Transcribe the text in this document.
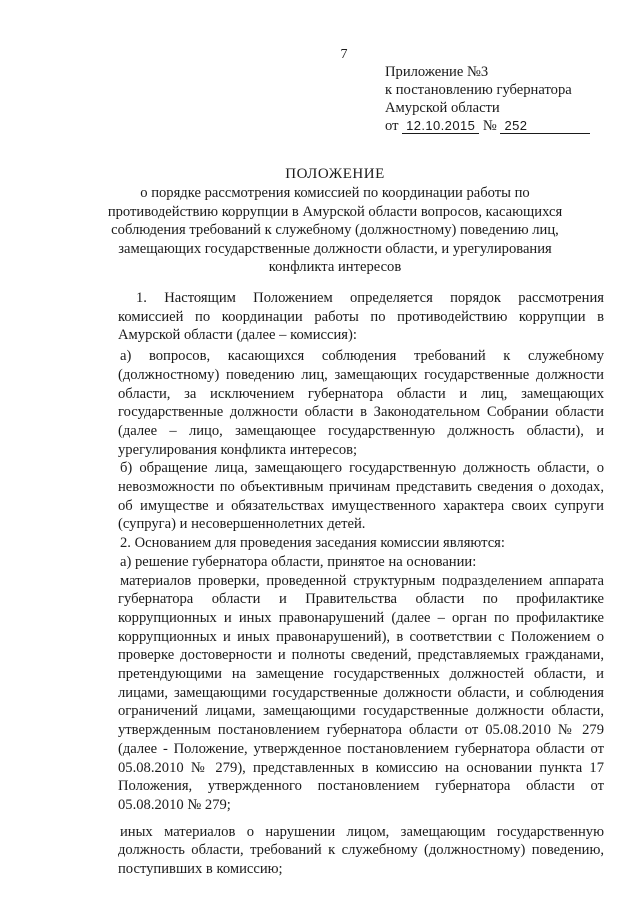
7
Приложение №3
к постановлению губернатора
Амурской области
от 12.10.2015 № 252
ПОЛОЖЕНИЕ
о порядке рассмотрения комиссией по координации работы по
противодействию коррупции в Амурской области вопросов, касающихся
соблюдения требований к служебному (должностному) поведению лиц,
замещающих государственные должности области, и урегулирования
конфликта интересов

1. Настоящим Положением определяется порядок рассмотрения комиссией по координации работы по противодействию коррупции в Амурской области (далее – комиссия):

а) вопросов, касающихся соблюдения требований к служебному (должностному) поведению лиц, замещающих государственные должности области, за исключением губернатора области и лиц, замещающих государственные должности области в Законодательном Собрании области (далее – лицо, замещающее государственную должность области), и урегулирования конфликта интересов;

б) обращение лица, замещающего государственную должность области, о невозможности по объективным причинам представить сведения о доходах, об имуществе и обязательствах имущественного характера своих супруги (супруга) и несовершеннолетних детей.

2. Основанием для проведения заседания комиссии являются:

а) решение губернатора области, принятое на основании:

материалов проверки, проведенной структурным подразделением аппарата губернатора области и Правительства области по профилактике коррупционных и иных правонарушений (далее – орган по профилактике коррупционных и иных правонарушений), в соответствии с Положением о проверке достоверности и полноты сведений, представляемых гражданами, претендующими на замещение государственных должностей области, и лицами, замещающими государственные должности области, и соблюдения ограничений лицами, замещающими государственные должности области, утвержденным постановлением губернатора области от 05.08.2010 № 279 (далее - Положение, утвержденное постановлением губернатора области от 05.08.2010 № 279), представленных в комиссию на основании пункта 17 Положения, утвержденного постановлением губернатора области от 05.08.2010 № 279;

иных материалов о нарушении лицом, замещающим государственную должность области, требований к служебному (должностному) поведению, поступивших в комиссию;
